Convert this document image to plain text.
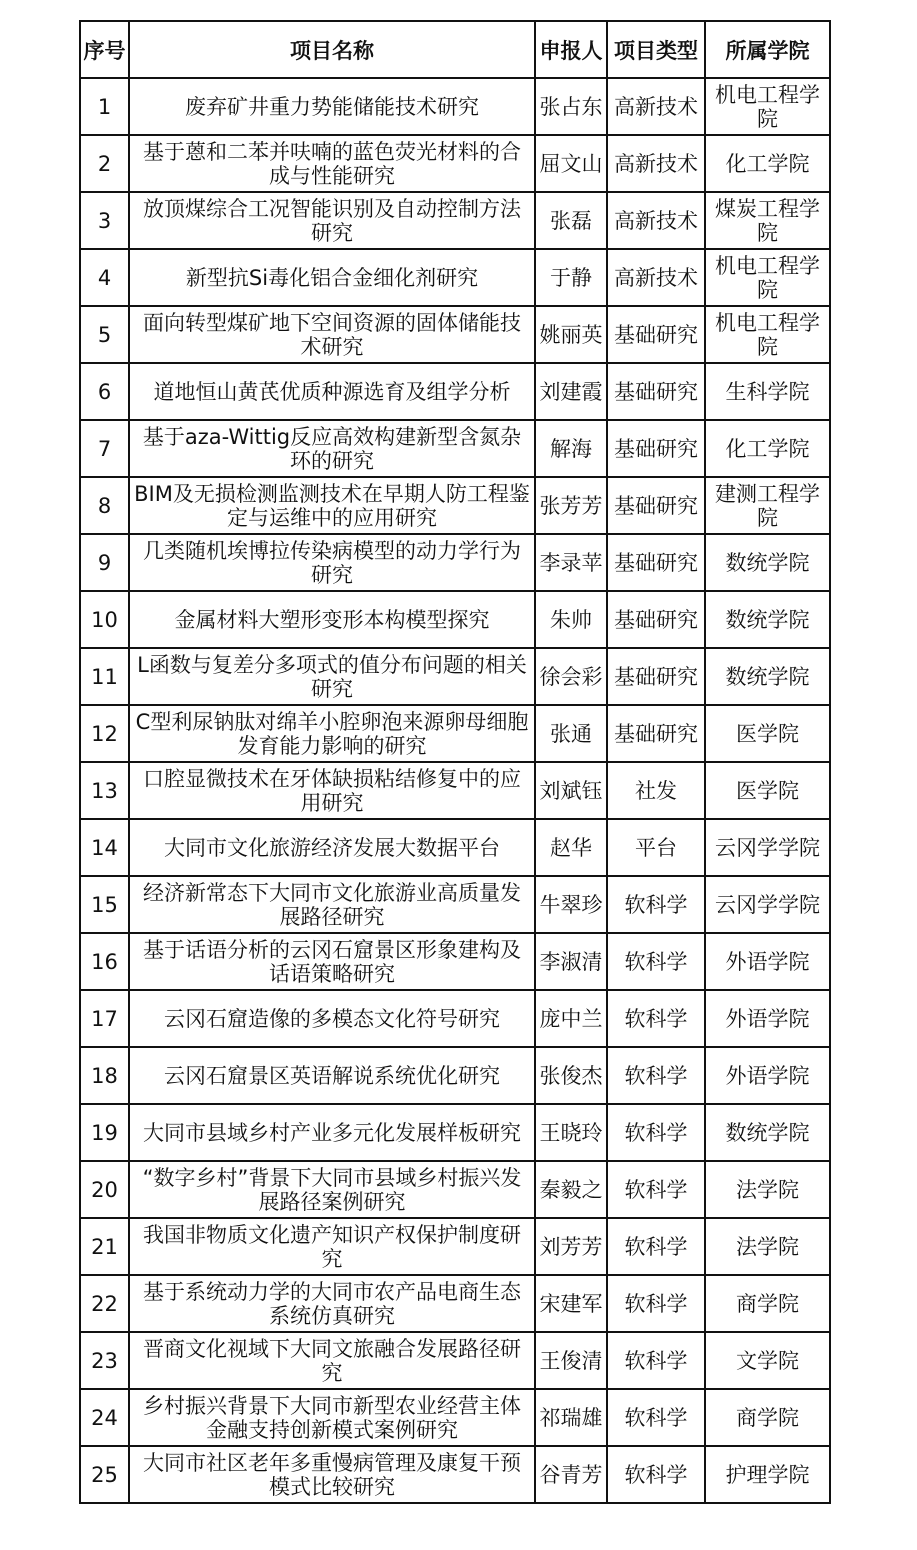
序号	项目名称	申报人	项目类型	所属学院
1	废弃矿井重力势能储能技术研究	张占东	高新技术	机电工程学院
2	基于蒽和二苯并呋喃的蓝色荧光材料的合成与性能研究	屈文山	高新技术	化工学院
3	放顶煤综合工况智能识别及自动控制方法研究	张磊	高新技术	煤炭工程学院
4	新型抗Si毒化铝合金细化剂研究	于静	高新技术	机电工程学院
5	面向转型煤矿地下空间资源的固体储能技术研究	姚丽英	基础研究	机电工程学院
6	道地恒山黄芪优质种源选育及组学分析	刘建霞	基础研究	生科学院
7	基于aza-Wittig反应高效构建新型含氮杂环的研究	解海	基础研究	化工学院
8	BIM及无损检测监测技术在早期人防工程鉴定与运维中的应用研究	张芳芳	基础研究	建测工程学院
9	几类随机埃博拉传染病模型的动力学行为研究	李录苹	基础研究	数统学院
10	金属材料大塑形变形本构模型探究	朱帅	基础研究	数统学院
11	L函数与复差分多项式的值分布问题的相关研究	徐会彩	基础研究	数统学院
12	C型利尿钠肽对绵羊小腔卵泡来源卵母细胞发育能力影响的研究	张通	基础研究	医学院
13	口腔显微技术在牙体缺损粘结修复中的应用研究	刘斌钰	社发	医学院
14	大同市文化旅游经济发展大数据平台	赵华	平台	云冈学学院
15	经济新常态下大同市文化旅游业高质量发展路径研究	牛翠珍	软科学	云冈学学院
16	基于话语分析的云冈石窟景区形象建构及话语策略研究	李淑清	软科学	外语学院
17	云冈石窟造像的多模态文化符号研究	庞中兰	软科学	外语学院
18	云冈石窟景区英语解说系统优化研究	张俊杰	软科学	外语学院
19	大同市县域乡村产业多元化发展样板研究	王晓玲	软科学	数统学院
20	“数字乡村”背景下大同市县域乡村振兴发展路径案例研究	秦毅之	软科学	法学院
21	我国非物质文化遗产知识产权保护制度研究	刘芳芳	软科学	法学院
22	基于系统动力学的大同市农产品电商生态系统仿真研究	宋建军	软科学	商学院
23	晋商文化视域下大同文旅融合发展路径研究	王俊清	软科学	文学院
24	乡村振兴背景下大同市新型农业经营主体金融支持创新模式案例研究	祁瑞雄	软科学	商学院
25	大同市社区老年多重慢病管理及康复干预模式比较研究	谷青芳	软科学	护理学院
